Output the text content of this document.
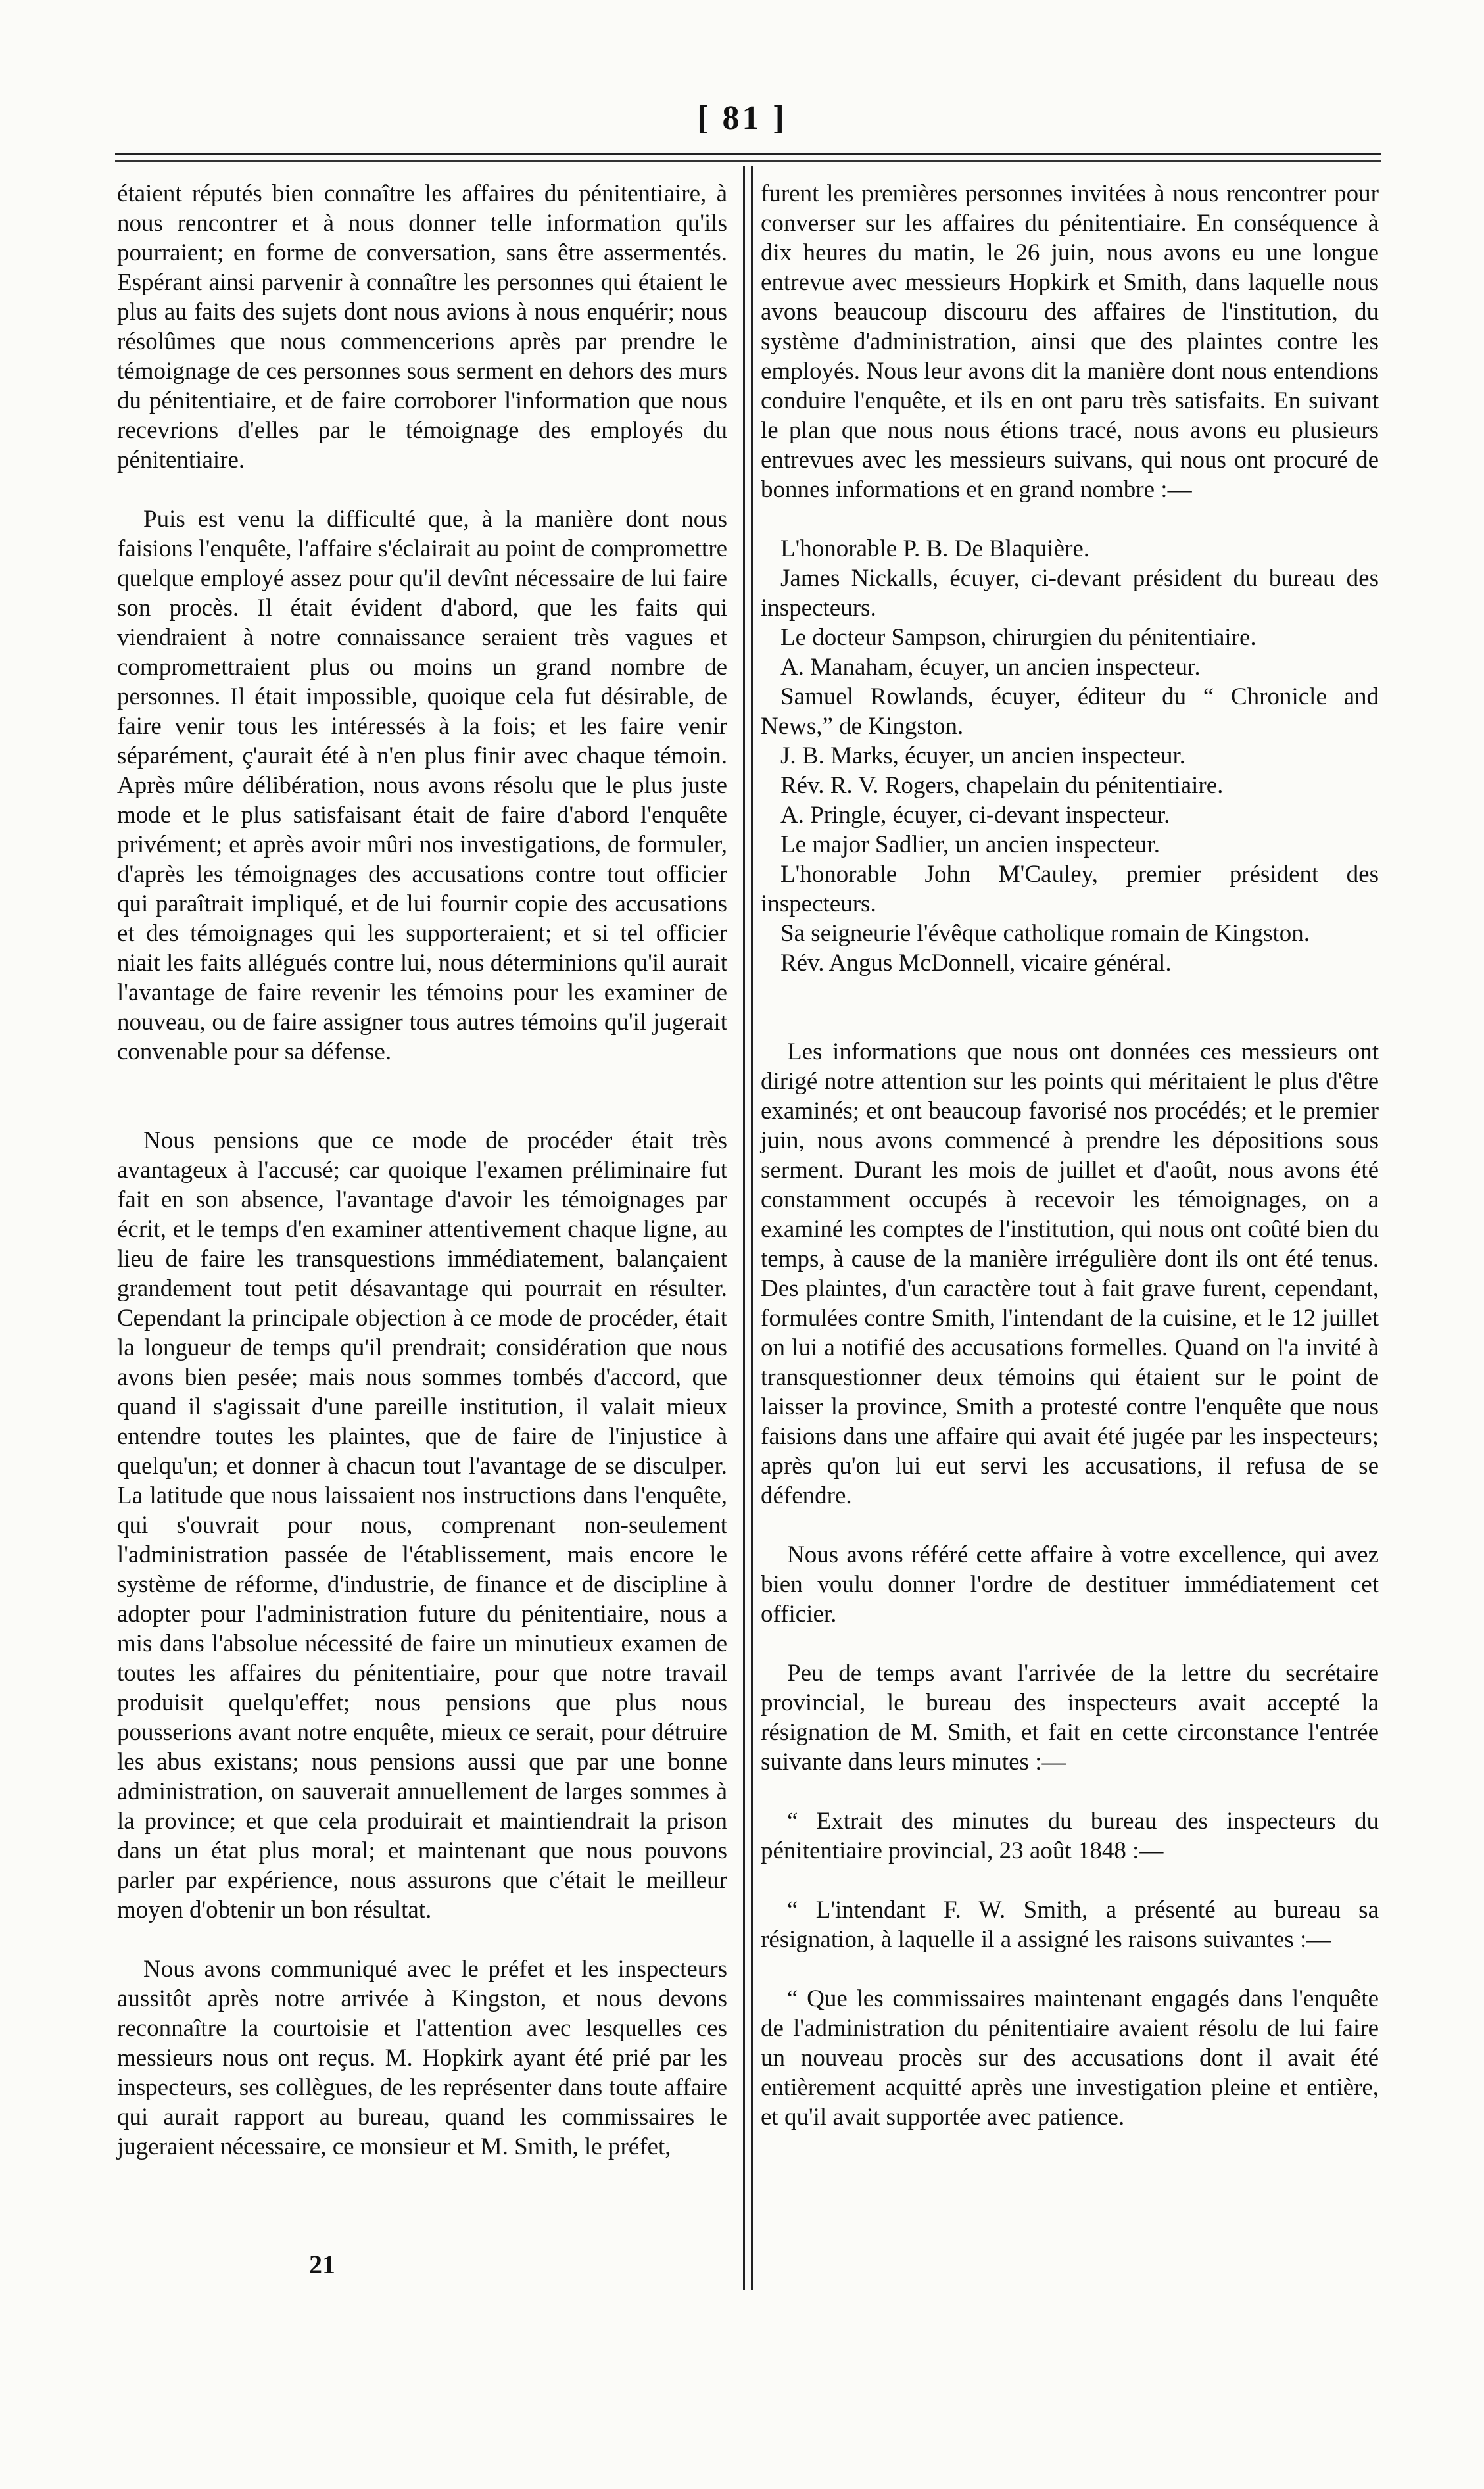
[ 81 ]

étaient réputés bien connaître les affaires du pénitentiaire, à nous rencontrer et à nous donner telle information qu'ils pourraient; en forme de conversation, sans être assermentés. Espérant ainsi parvenir à connaître les personnes qui étaient le plus au faits des sujets dont nous avions à nous enquérir; nous résolûmes que nous commencerions après par prendre le témoignage de ces personnes sous serment en dehors des murs du pénitentiaire, et de faire corroborer l'information que nous recevrions d'elles par le témoignage des employés du pénitentiaire.

Puis est venu la difficulté que, à la manière dont nous faisions l'enquête, l'affaire s'éclairait au point de compromettre quelque employé assez pour qu'il devînt nécessaire de lui faire son procès. Il était évident d'abord, que les faits qui viendraient à notre connaissance seraient très vagues et compromettraient plus ou moins un grand nombre de personnes. Il était impossible, quoique cela fut désirable, de faire venir tous les intéressés à la fois; et les faire venir séparément, ç'aurait été à n'en plus finir avec chaque témoin. Après mûre délibération, nous avons résolu que le plus juste mode et le plus satisfaisant était de faire d'abord l'enquête privément; et après avoir mûri nos investigations, de formuler, d'après les témoignages des accusations contre tout officier qui paraîtrait impliqué, et de lui fournir copie des accusations et des témoignages qui les supporteraient; et si tel officier niait les faits allégués contre lui, nous déterminions qu'il aurait l'avantage de faire revenir les témoins pour les examiner de nouveau, ou de faire assigner tous autres témoins qu'il jugerait convenable pour sa défense.

Nous pensions que ce mode de procéder était très avantageux à l'accusé; car quoique l'examen préliminaire fut fait en son absence, l'avantage d'avoir les témoignages par écrit, et le temps d'en examiner attentivement chaque ligne, au lieu de faire les transquestions immédiatement, balançaient grandement tout petit désavantage qui pourrait en résulter. Cependant la principale objection à ce mode de procéder, était la longueur de temps qu'il prendrait; considération que nous avons bien pesée; mais nous sommes tombés d'accord, que quand il s'agissait d'une pareille institution, il valait mieux entendre toutes les plaintes, que de faire de l'injustice à quelqu'un; et donner à chacun tout l'avantage de se disculper. La latitude que nous laissaient nos instructions dans l'enquête, qui s'ouvrait pour nous, comprenant non-seulement l'administration passée de l'établissement, mais encore le système de réforme, d'industrie, de finance et de discipline à adopter pour l'administration future du pénitentiaire, nous a mis dans l'absolue nécessité de faire un minutieux examen de toutes les affaires du pénitentiaire, pour que notre travail produisit quelqu'effet; nous pensions que plus nous pousserions avant notre enquête, mieux ce serait, pour détruire les abus existans; nous pensions aussi que par une bonne administration, on sauverait annuellement de larges sommes à la province; et que cela produirait et maintiendrait la prison dans un état plus moral; et maintenant que nous pouvons parler par expérience, nous assurons que c'était le meilleur moyen d'obtenir un bon résultat.

Nous avons communiqué avec le préfet et les inspecteurs aussitôt après notre arrivée à Kingston, et nous devons reconnaître la courtoisie et l'attention avec lesquelles ces messieurs nous ont reçus. M. Hopkirk ayant été prié par les inspecteurs, ses collègues, de les représenter dans toute affaire qui aurait rapport au bureau, quand les commissaires le jugeraient nécessaire, ce monsieur et M. Smith, le préfet,

furent les premières personnes invitées à nous rencontrer pour converser sur les affaires du pénitentiaire. En conséquence à dix heures du matin, le 26 juin, nous avons eu une longue entrevue avec messieurs Hopkirk et Smith, dans laquelle nous avons beaucoup discouru des affaires de l'institution, du système d'administration, ainsi que des plaintes contre les employés. Nous leur avons dit la manière dont nous entendions conduire l'enquête, et ils en ont paru très satisfaits. En suivant le plan que nous nous étions tracé, nous avons eu plusieurs entrevues avec les messieurs suivans, qui nous ont procuré de bonnes informations et en grand nombre :—

L'honorable P. B. De Blaquière.

James Nickalls, écuyer, ci-devant président du bureau des inspecteurs.

Le docteur Sampson, chirurgien du pénitentiaire.

A. Manaham, écuyer, un ancien inspecteur.

Samuel Rowlands, écuyer, éditeur du “ Chronicle and News,” de Kingston.

J. B. Marks, écuyer, un ancien inspecteur.

Rév. R. V. Rogers, chapelain du pénitentiaire.

A. Pringle, écuyer, ci-devant inspecteur.

Le major Sadlier, un ancien inspecteur.

L'honorable John M'Cauley, premier président des inspecteurs.

Sa seigneurie l'évêque catholique romain de Kingston.

Rév. Angus McDonnell, vicaire général.

Les informations que nous ont données ces messieurs ont dirigé notre attention sur les points qui méritaient le plus d'être examinés; et ont beaucoup favorisé nos procédés; et le premier juin, nous avons commencé à prendre les dépositions sous serment. Durant les mois de juillet et d'août, nous avons été constamment occupés à recevoir les témoignages, on a examiné les comptes de l'institution, qui nous ont coûté bien du temps, à cause de la manière irrégulière dont ils ont été tenus. Des plaintes, d'un caractère tout à fait grave furent, cependant, formulées contre Smith, l'intendant de la cuisine, et le 12 juillet on lui a notifié des accusations formelles. Quand on l'a invité à transquestionner deux témoins qui étaient sur le point de laisser la province, Smith a protesté contre l'enquête que nous faisions dans une affaire qui avait été jugée par les inspecteurs; après qu'on lui eut servi les accusations, il refusa de se défendre.

Nous avons référé cette affaire à votre excellence, qui avez bien voulu donner l'ordre de destituer immédiatement cet officier.

Peu de temps avant l'arrivée de la lettre du secrétaire provincial, le bureau des inspecteurs avait accepté la résignation de M. Smith, et fait en cette circonstance l'entrée suivante dans leurs minutes :—

“ Extrait des minutes du bureau des inspecteurs du pénitentiaire provincial, 23 août 1848 :—

“ L'intendant F. W. Smith, a présenté au bureau sa résignation, à laquelle il a assigné les raisons suivantes :—

“ Que les commissaires maintenant engagés dans l'enquête de l'administration du pénitentiaire avaient résolu de lui faire un nouveau procès sur des accusations dont il avait été entièrement acquitté après une investigation pleine et entière, et qu'il avait supportée avec patience.

21
